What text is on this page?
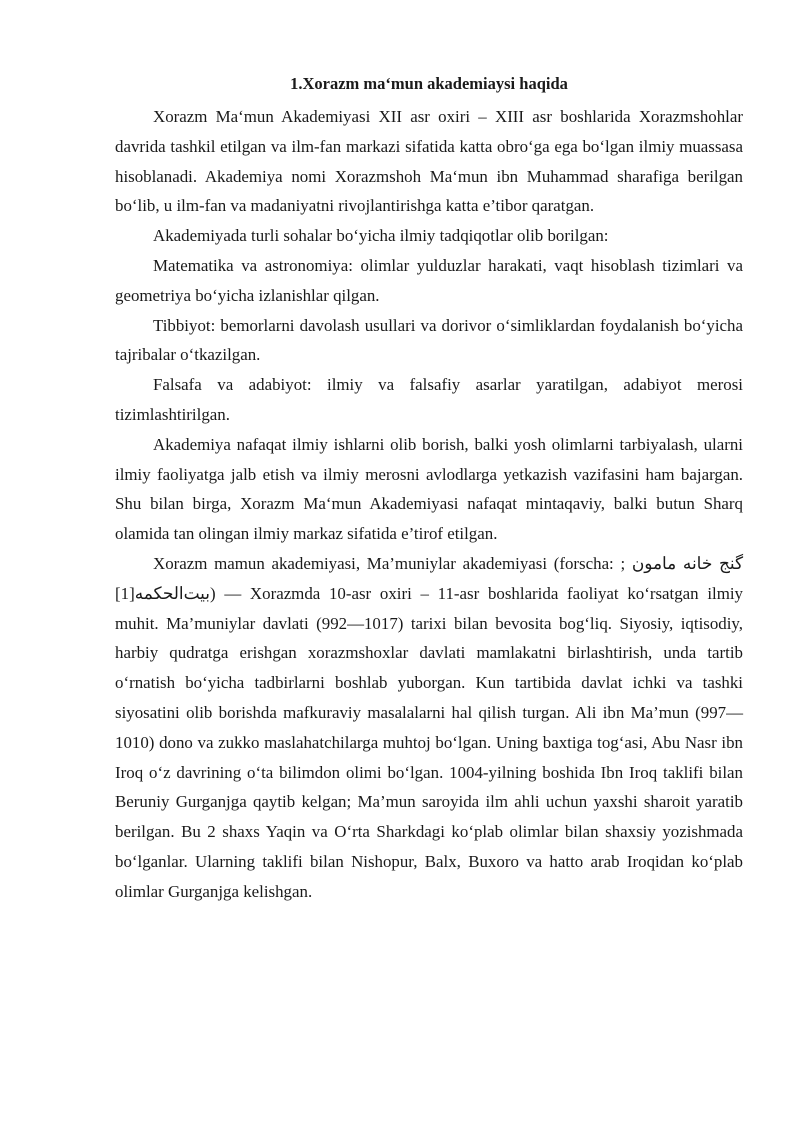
1.Xorazm ma‘mun akademiaysi haqida

Xorazm Ma‘mun Akademiyasi XII asr oxiri – XIII asr boshlarida Xorazmshohlar davrida tashkil etilgan va ilm-fan markazi sifatida katta obro‘ga ega bo‘lgan ilmiy muassasa hisoblanadi. Akademiya nomi Xorazmshoh Ma‘mun ibn Muhammad sharafiga berilgan bo‘lib, u ilm-fan va madaniyatni rivojlantirishga katta e’tibor qaratgan.

Akademiyada turli sohalar bo‘yicha ilmiy tadqiqotlar olib borilgan:

Matematika va astronomiya: olimlar yulduzlar harakati, vaqt hisoblash tizimlari va geometriya bo‘yicha izlanishlar qilgan.

Tibbiyot: bemorlarni davolash usullari va dorivor o‘simliklardan foydalanish bo‘yicha tajribalar o‘tkazilgan.

Falsafa va adabiyot: ilmiy va falsafiy asarlar yaratilgan, adabiyot merosi tizimlashtirilgan.

Akademiya nafaqat ilmiy ishlarni olib borish, balki yosh olimlarni tarbiyalash, ularni ilmiy faoliyatga jalb etish va ilmiy merosni avlodlarga yetkazish vazifasini ham bajargan. Shu bilan birga, Xorazm Ma‘mun Akademiyasi nafaqat mintaqaviy, balki butun Sharq olamida tan olingan ilmiy markaz sifatida e’tirof etilgan.

Xorazm mamun akademiyasi, Ma’muniylar akademiyasi (forscha: گنج خانه مامون ; بيت‌الحكمه[1]) — Xorazmda 10-asr oxiri – 11-asr boshlarida faoliyat ko‘rsatgan ilmiy muhit. Ma’muniylar davlati (992—1017) tarixi bilan bevosita bog‘liq. Siyosiy, iqtisodiy, harbiy qudratga erishgan xorazmshoxlar davlati mamlakatni birlashtirish, unda tartib o‘rnatish bo‘yicha tadbirlarni boshlab yuborgan. Kun tartibida davlat ichki va tashki siyosatini olib borishda mafkuraviy masalalarni hal qilish turgan. Ali ibn Ma’mun (997—1010) dono va zukko maslahatchilarga muhtoj bo‘lgan. Uning baxtiga tog‘asi, Abu Nasr ibn Iroq o‘z davrining o‘ta bilimdon olimi bo‘lgan. 1004-yilning boshida Ibn Iroq taklifi bilan Beruniy Gurganjga qaytib kelgan; Ma’mun saroyida ilm ahli uchun yaxshi sharoit yaratib berilgan. Bu 2 shaxs Yaqin va O‘rta Sharkdagi ko‘plab olimlar bilan shaxsiy yozishmada bo‘lganlar. Ularning taklifi bilan Nishopur, Balx, Buxoro va hatto arab Iroqidan ko‘plab olimlar Gurganjga kelishgan.
